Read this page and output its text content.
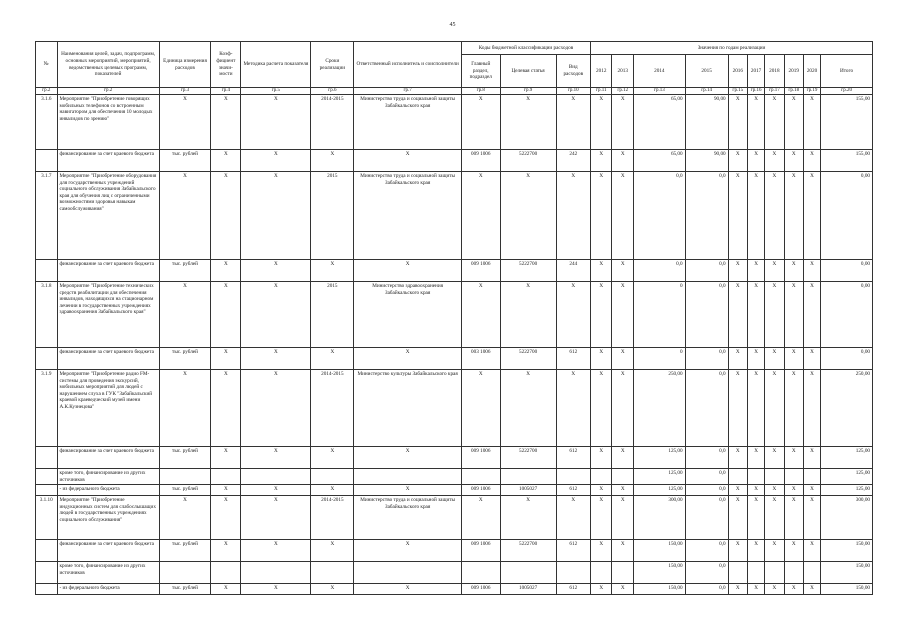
45
№	Наименования целей, задач, подпрограмм, основных мероприятий, мероприятий, ведомственных целевых программ, показателей	Единица измерения расходов	Коэф-фициент значи-мости	Методика расчета показателя	Сроки реализации	Ответственный исполнитель и соисполнители	Коды бюджетной классификации расходов			Значения по годам реализации									
							Главный раздел, подраздел	Целевая статья	Вид расходов	2012	2013	2014	2015	2016	2017	2018	2019	2020	Итого
гр.2	гр.2	гр.3	гр.4	гр.5	гр.6	гр.7	гр.8	гр.9	гр.10	гр.11	гр.12	гр.13	гр.14	гр.15	гр.16	гр.17	гр.18	гр.19	гр.20
3.1.6	Мероприятие "Приобретение говорящих мобильных телефонов со встроенным навигатором для обеспечения 10 молодых инвалидов по зрению"	X	X	X	2014-2015	Министерство труда и социальной защиты Забайкальского края	X	X	X	X	X	65,00	90,00	X	X	X	X	X	155,00
	финансирование за счет краевого бюджета	тыс. рублей	X	X	X	X	009 1006	5222700	242	X	X	65,00	90,00	X	X	X	X	X	155,00
3.1.7	Мероприятие "Приобретение оборудования для государственных учреждений социального обслуживания Забайкальского края для обучения лиц с ограниченными возможностями здоровья навыкам самообслуживания"	X	X	X	2015	Министерство труда и социальной защиты Забайкальского края	X	X	X	X	X	0,0	0,0	X	X	X	X	X	0,00
	финансирование за счет краевого бюджета	тыс. рублей	X	X	X	X	009 1006	5222700	244	X	X	0,0	0,0	X	X	X	X	X	0,00
3.1.8	Мероприятие "Приобретение технических средств реабилитации для обеспечения инвалидов, находящихся на стационарном лечении в государственных учреждениях здравоохранения Забайкальского края"	X	X	X	2015	Министерство здравоохранения Забайкальского края	X	X	X	X	X	0	0,0	X	X	X	X	X	0,00
	финансирование за счет краевого бюджета	тыс. рублей	X	X	X	X	003 1006	5222700	612	X	X	0	0,0	X	X	X	X	X	0,00
3.1.9	Мероприятие "Приобретение радио FM-системы для проведения экскурсий, мобильных мероприятий для людей с нарушением слуха в ГУК "Забайкальский краевой краеведческий музей имени А.К.Кузнецова"	X	X	X	2014-2015	Министерство культуры Забайкальского края	X	X	X	X	X	250,00	0,0	X	X	X	X	X	250,00
	финансирование за счет краевого бюджета	тыс. рублей	X	X	X	X	009 1006	5222700	612	X	X	125,00	0,0	X	X	X	X	X	125,00
	кроме того, финансирование из других источников											125,00	0,0						125,00
	- из федерального бюджета	тыс. рублей	X	X	X	X	009 1006	1005027	612	X	X	125,00	0,0	X	X	X	X	X	125,00
3.1.10	Мероприятие "Приобретение индукционных систем для слабослышащих людей в государственных учреждениях социального обслуживания"	X	X	X	2014-2015	Министерство труда и социальной защиты Забайкальского края	X	X	X	X	X	300,00	0,0	X	X	X	X	X	300,00
	финансирование за счет краевого бюджета	тыс. рублей	X	X	X	X	009 1006	5222700	612	X	X	150,00	0,0	X	X	X	X	X	150,00
	кроме того, финансирование из других источников											150,00	0,0						150,00
	- из федерального бюджета	тыс. рублей	X	X	X	X	009 1006	1005027	612	X	X	150,00	0,0	X	X	X	X	X	150,00
